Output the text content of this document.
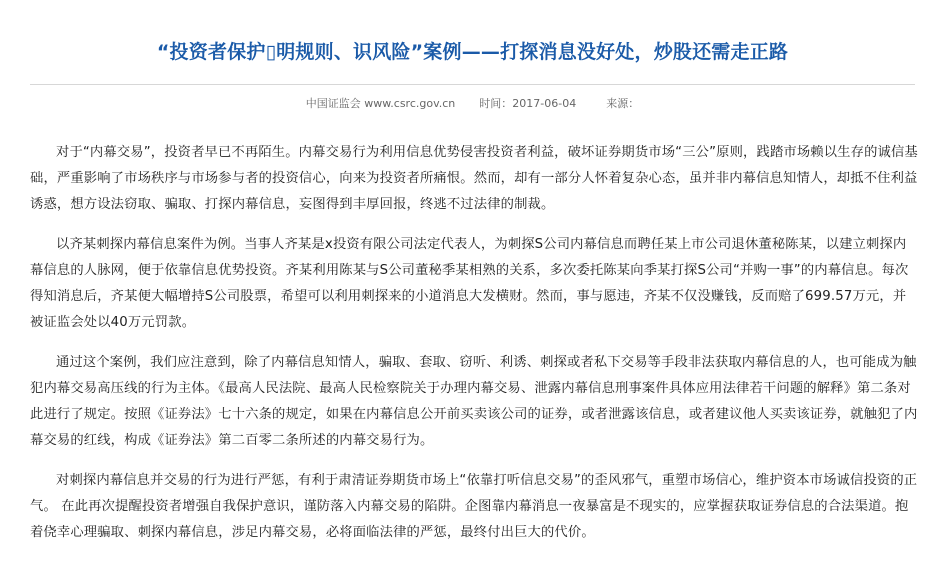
“投资者保护▯明规则、识风险”案例——打探消息没好处，炒股还需走正路
中国证监会 www.csrc.gov.cn 时间：2017-06-04	来源：

对于“内幕交易”，投资者早已不再陌生。内幕交易行为利用信息优势侵害投资者利益，破坏证券期货市场“三公”原则，践踏市场赖以生存的诚信基础，严重影响了市场秩序与市场参与者的投资信心，向来为投资者所痛恨。然而，却有一部分人怀着复杂心态，虽并非内幕信息知情人，却抵不住利益诱惑，想方设法窃取、骗取、打探内幕信息，妄图得到丰厚回报，终逃不过法律的制裁。

以齐某刺探内幕信息案件为例。当事人齐某是x投资有限公司法定代表人，为刺探S公司内幕信息而聘任某上市公司退休董秘陈某，以建立刺探内幕信息的人脉网，便于依靠信息优势投资。齐某利用陈某与S公司董秘季某相熟的关系，多次委托陈某向季某打探S公司“并购一事”的内幕信息。每次得知消息后，齐某便大幅增持S公司股票，希望可以利用刺探来的小道消息大发横财。然而，事与愿违，齐某不仅没赚钱，反而赔了699.57万元，并被证监会处以40万元罚款。

通过这个案例，我们应注意到，除了内幕信息知情人，骗取、套取、窃听、利诱、刺探或者私下交易等手段非法获取内幕信息的人，也可能成为触犯内幕交易高压线的行为主体。《最高人民法院、最高人民检察院关于办理内幕交易、泄露内幕信息刑事案件具体应用法律若干问题的解释》第二条对此进行了规定。按照《证券法》七十六条的规定，如果在内幕信息公开前买卖该公司的证券，或者泄露该信息，或者建议他人买卖该证券，就触犯了内幕交易的红线，构成《证券法》第二百零二条所述的内幕交易行为。

对刺探内幕信息并交易的行为进行严惩，有利于肃清证券期货市场上“依靠打听信息交易”的歪风邪气，重塑市场信心，维护资本市场诚信投资的正气。 在此再次提醒投资者增强自我保护意识，谨防落入内幕交易的陷阱。企图靠内幕消息一夜暴富是不现实的，应掌握获取证券信息的合法渠道。抱着侥幸心理骗取、刺探内幕信息，涉足内幕交易，必将面临法律的严惩，最终付出巨大的代价。
